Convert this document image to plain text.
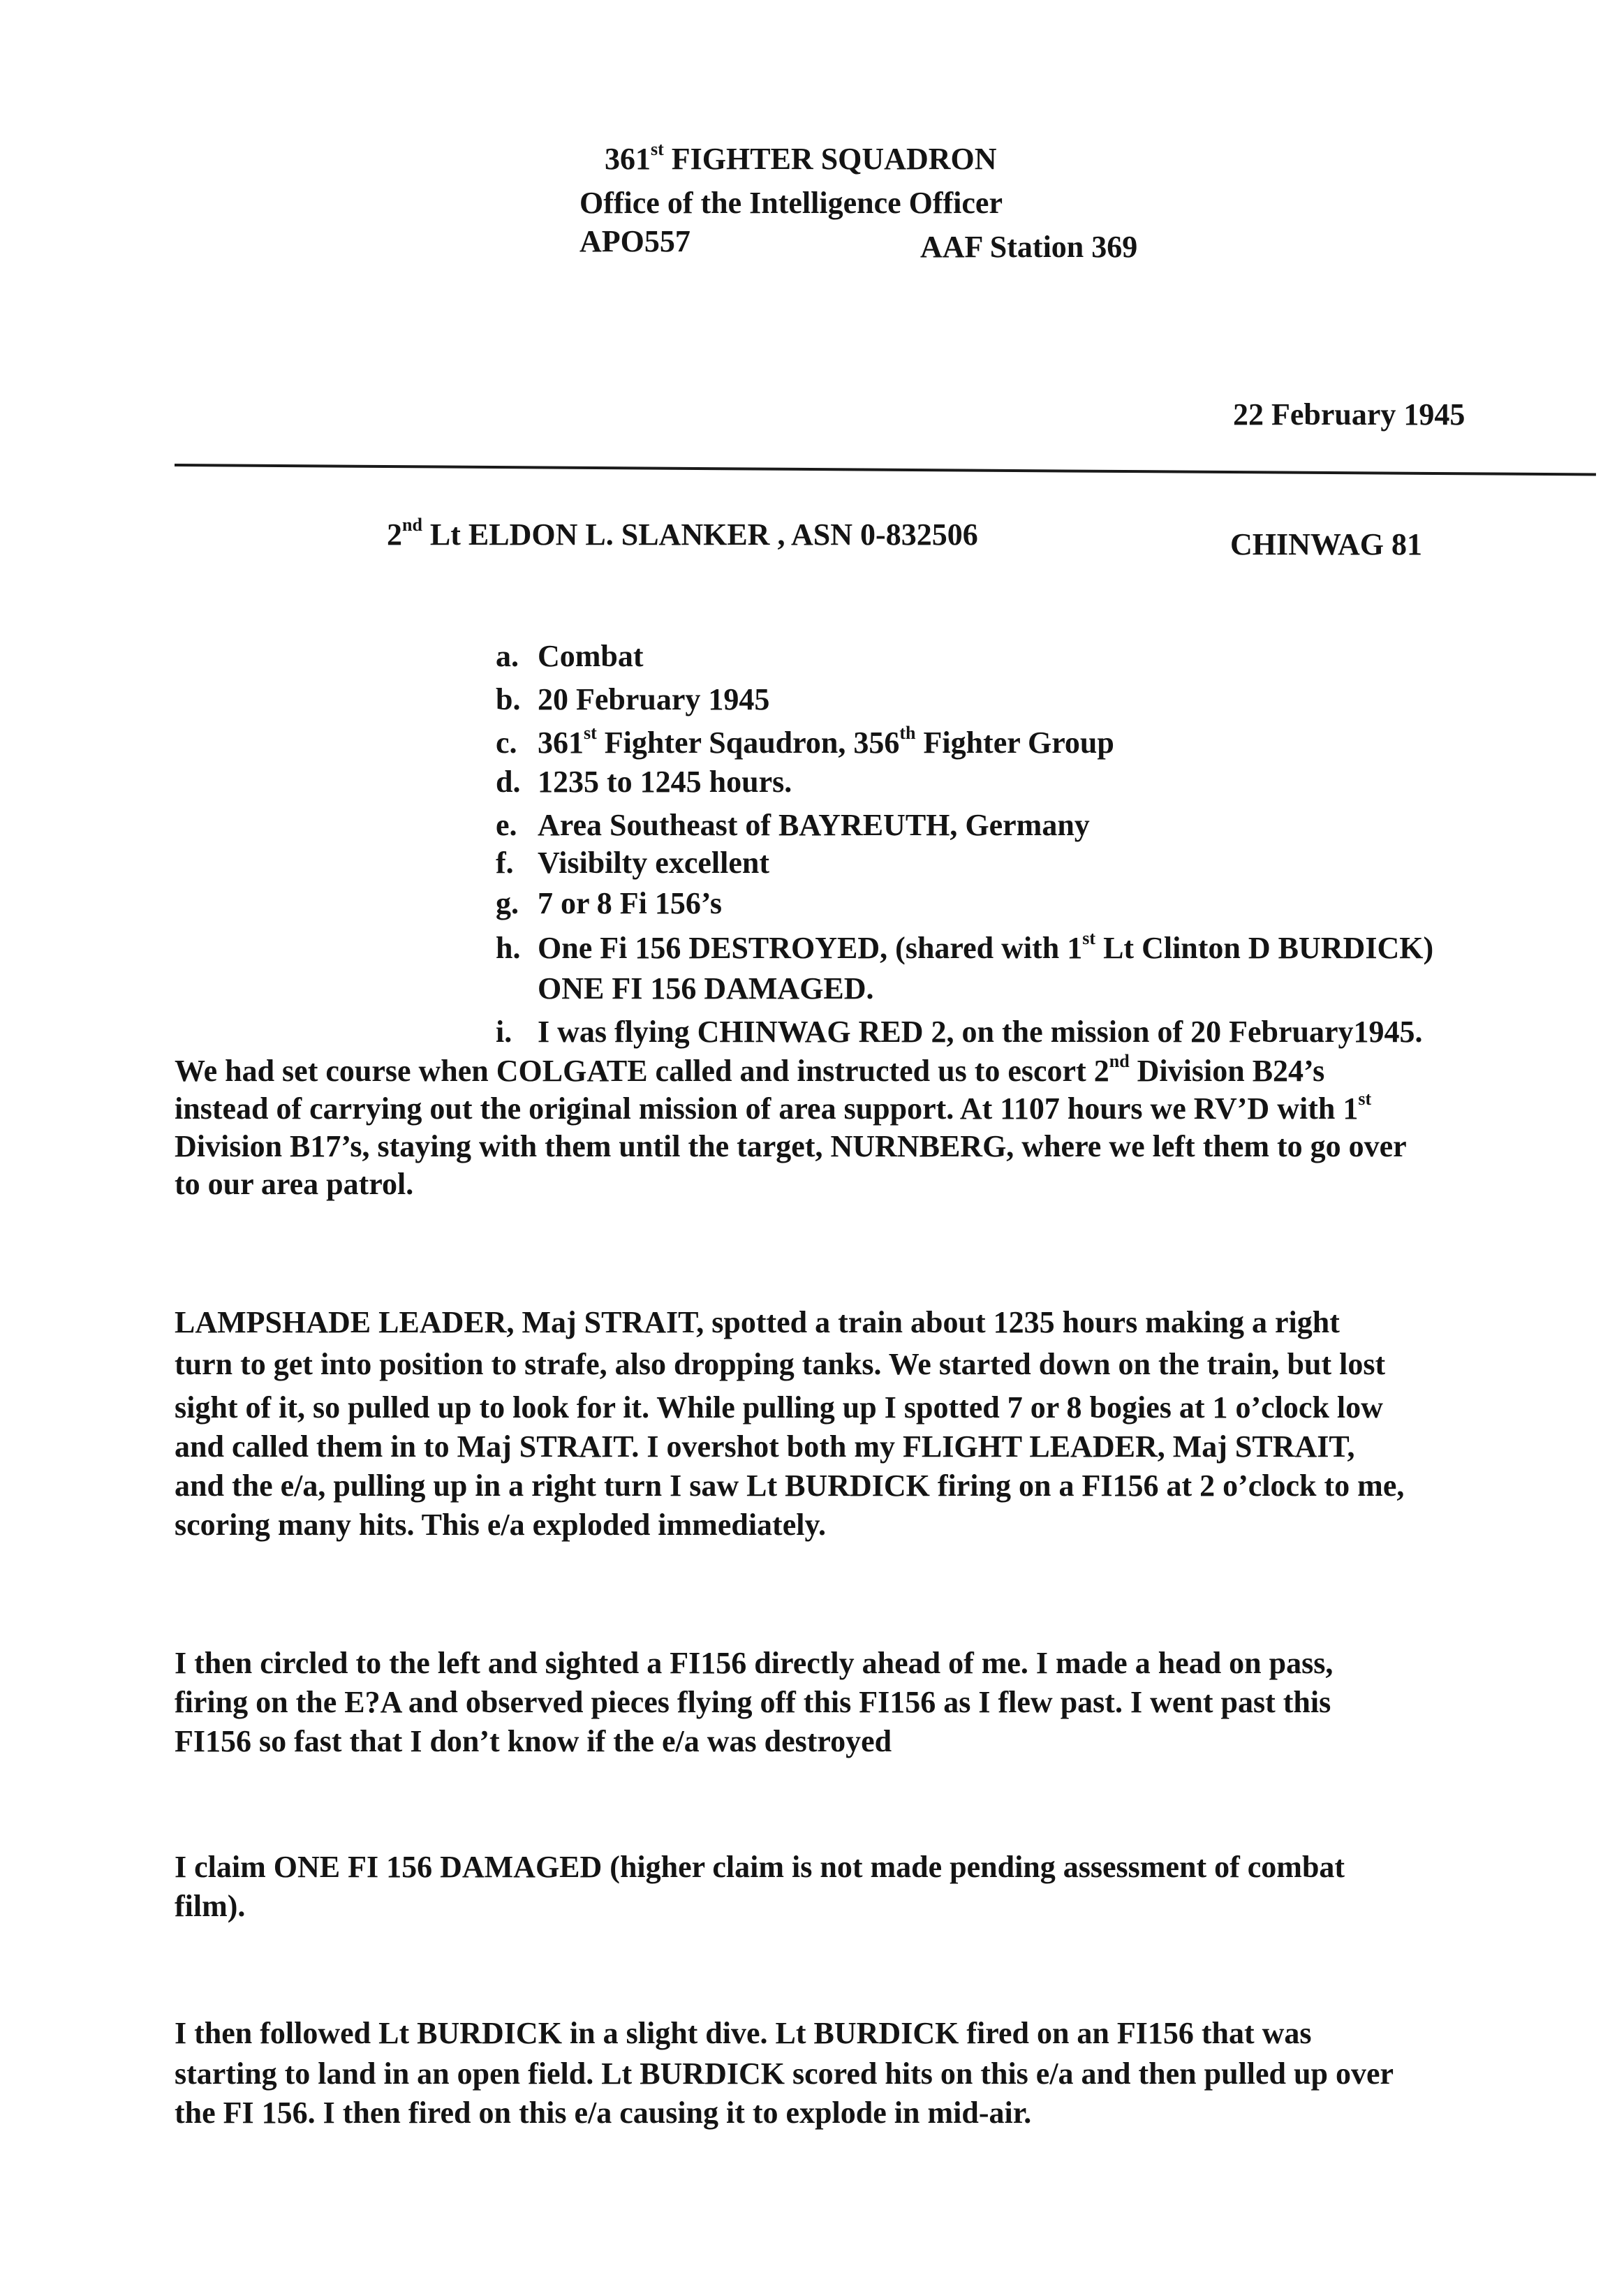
361st FIGHTER SQUADRON
Office of the Intelligence Officer
APO557	AAF Station 369
22 February 1945
2nd Lt ELDON L. SLANKER , ASN 0-832506	CHINWAG 81
a. Combat
b. 20 February 1945
c. 361st Fighter Sqaudron, 356th Fighter Group
d. 1235 to 1245 hours.
e. Area Southeast of BAYREUTH, Germany
f. Visibilty excellent
g. 7 or 8 Fi 156’s
h. One Fi 156 DESTROYED, (shared with 1st Lt Clinton D BURDICK)
ONE FI 156 DAMAGED.
i. I was flying CHINWAG RED 2, on the mission of 20 February1945.
We had set course when COLGATE called and instructed us to escort 2nd Division B24’s
instead of carrying out the original mission of area support. At 1107 hours we RV’D with 1st
Division B17’s, staying with them until the target, NURNBERG, where we left them to go over
to our area patrol.
LAMPSHADE LEADER, Maj STRAIT, spotted a train about 1235 hours making a right
turn to get into position to strafe, also dropping tanks. We started down on the train, but lost
sight of it, so pulled up to look for it. While pulling up I spotted 7 or 8 bogies at 1 o’clock low
and called them in to Maj STRAIT. I overshot both my FLIGHT LEADER, Maj STRAIT,
and the e/a, pulling up in a right turn I saw Lt BURDICK firing on a FI156 at 2 o’clock to me,
scoring many hits. This e/a exploded immediately.
I then circled to the left and sighted a FI156 directly ahead of me. I made a head on pass,
firing on the E?A and observed pieces flying off this FI156 as I flew past. I went past this
FI156 so fast that I don’t know if the e/a was destroyed
I claim ONE FI 156 DAMAGED (higher claim is not made pending assessment of combat
film).
I then followed Lt BURDICK in a slight dive. Lt BURDICK fired on an FI156 that was
starting to land in an open field. Lt BURDICK scored hits on this e/a and then pulled up over
the FI 156. I then fired on this e/a causing it to explode in mid-air.
